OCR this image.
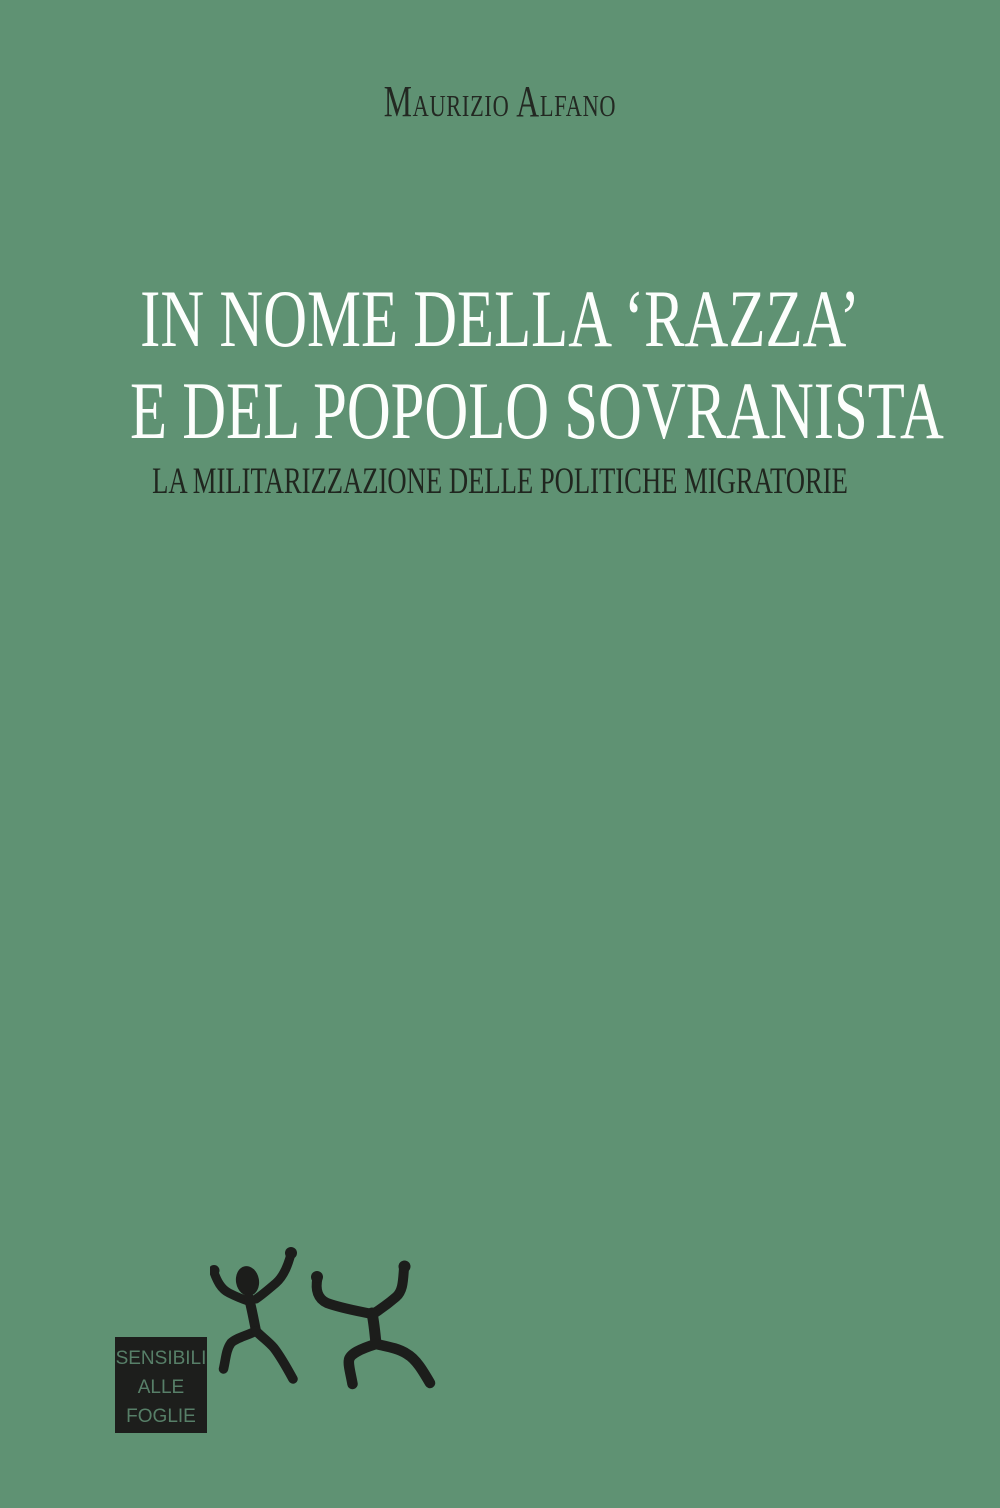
Maurizio Alfano
IN NOME DELLA ‘RAZZA’
E DEL POPOLO SOVRANISTA
LA MILITARIZZAZIONE DELLE POLITICHE MIGRATORIE
SENSIBILI
ALLE
FOGLIE
